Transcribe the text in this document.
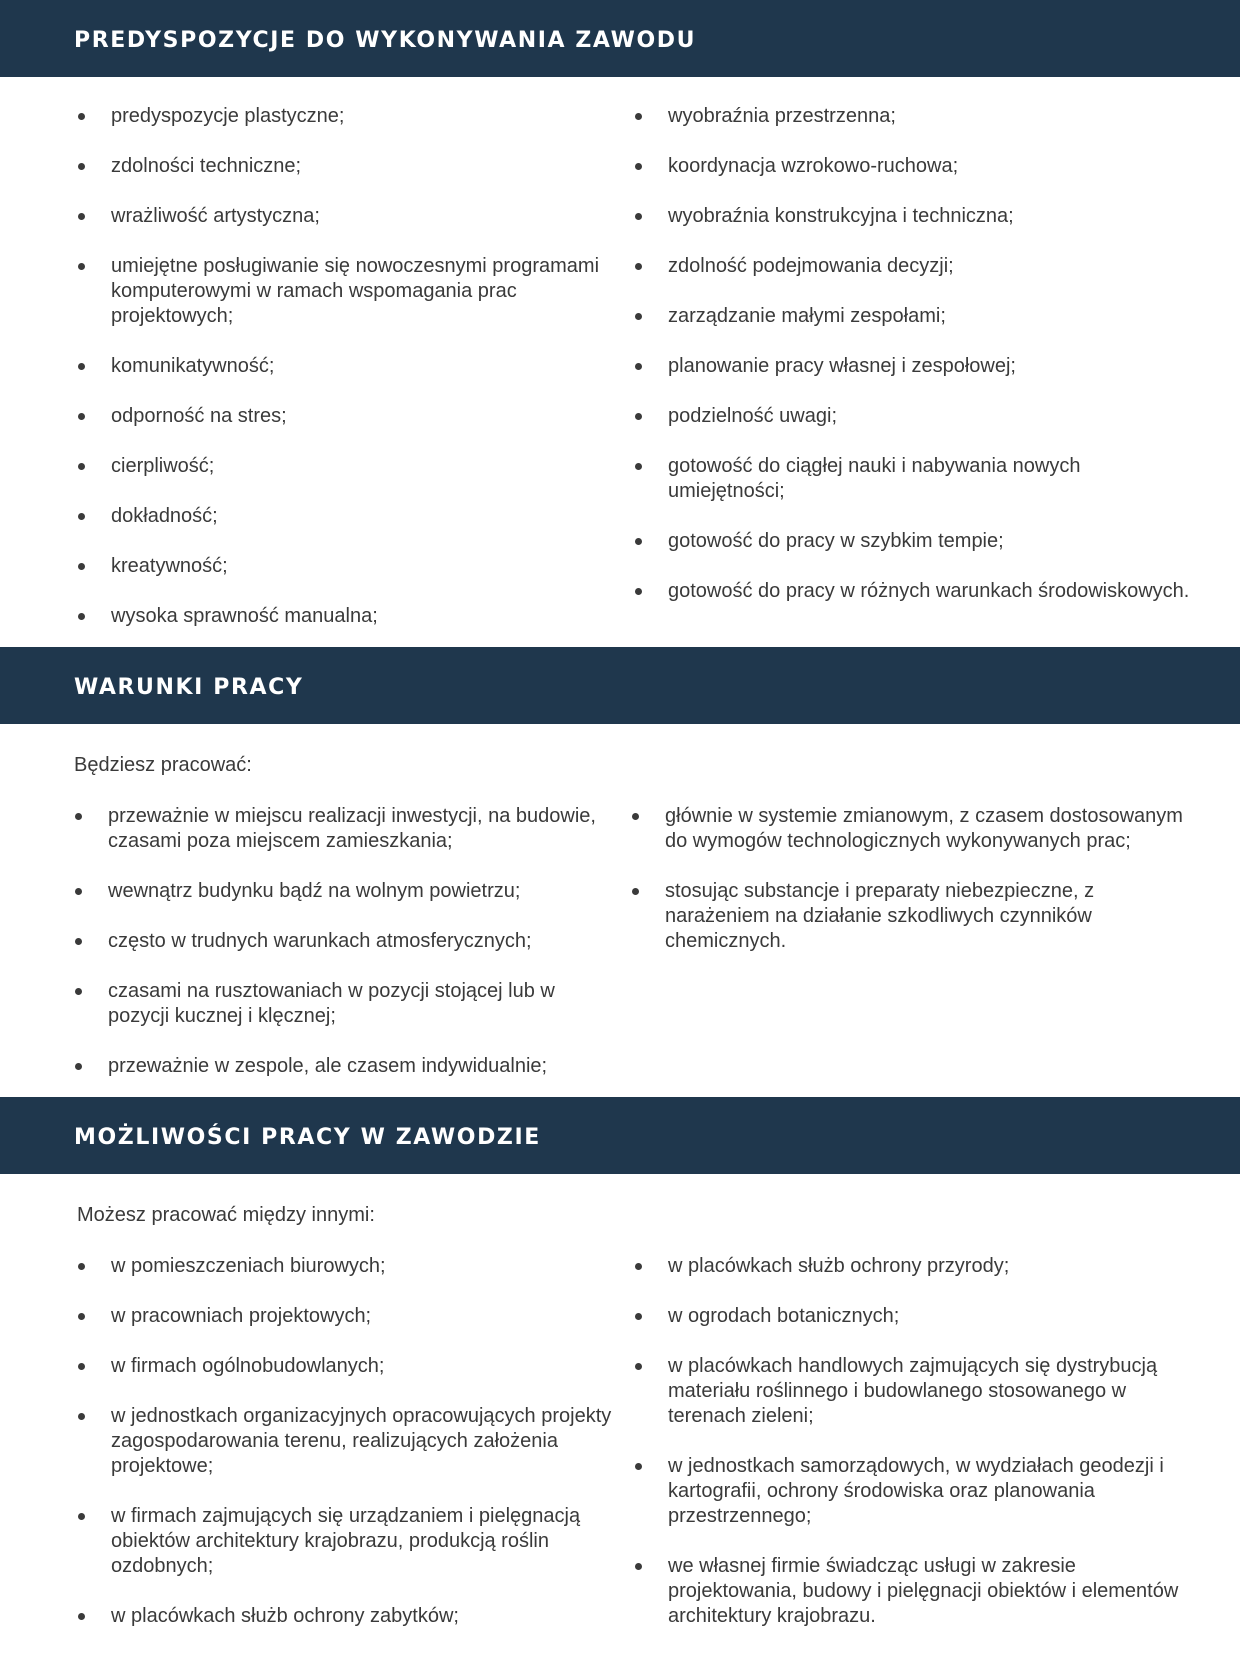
PREDYSPOZYCJE DO WYKONYWANIA ZAWODU
predyspozycje plastyczne;
zdolności techniczne;
wrażliwość artystyczna;
umiejętne posługiwanie się nowoczesnymi programami komputerowymi w ramach wspomagania prac projektowych;
komunikatywność;
odporność na stres;
cierpliwość;
dokładność;
kreatywność;
wysoka sprawność manualna;
wyobraźnia przestrzenna;
koordynacja wzrokowo-ruchowa;
wyobraźnia konstrukcyjna i techniczna;
zdolność podejmowania decyzji;
zarządzanie małymi zespołami;
planowanie pracy własnej i zespołowej;
podzielność uwagi;
gotowość do ciągłej nauki i nabywania nowych umiejętności;
gotowość do pracy w szybkim tempie;
gotowość do pracy w różnych warunkach środowiskowych.
WARUNKI PRACY

Będziesz pracować:

przeważnie w miejscu realizacji inwestycji, na budowie, czasami poza miejscem zamieszkania;
wewnątrz budynku bądź na wolnym powietrzu;
często w trudnych warunkach atmosferycznych;
czasami na rusztowaniach w pozycji stojącej lub w pozycji kucznej i klęcznej;
przeważnie w zespole, ale czasem indywidualnie;
głównie w systemie zmianowym, z czasem dostosowanym do wymogów technologicznych wykonywanych prac;
stosując substancje i preparaty niebezpieczne, z narażeniem na działanie szkodliwych czynników chemicznych.
MOŻLIWOŚCI PRACY W ZAWODZIE

Możesz pracować między innymi:

w pomieszczeniach biurowych;
w pracowniach projektowych;
w firmach ogólnobudowlanych;
w jednostkach organizacyjnych opracowujących projekty zagospodarowania terenu, realizujących założenia projektowe;
w firmach zajmujących się urządzaniem i pielęgnacją obiektów architektury krajobrazu, produkcją roślin ozdobnych;
w placówkach służb ochrony zabytków;
w placówkach służb ochrony przyrody;
w ogrodach botanicznych;
w placówkach handlowych zajmujących się dystrybucją materiału roślinnego i budowlanego stosowanego w terenach zieleni;
w jednostkach samorządowych, w wydziałach geodezji i kartografii, ochrony środowiska oraz planowania przestrzennego;
we własnej firmie świadcząc usługi w zakresie projektowania, budowy i pielęgnacji obiektów i elementów architektury krajobrazu.
